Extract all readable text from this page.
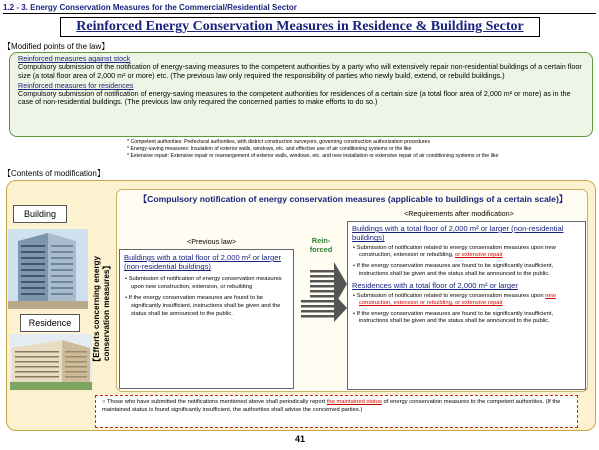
1.2 - 3. Energy Conservation Measures for the Commercial/Residential Sector
Reinforced Energy Conservation Measures in Residence & Building Sector
【Modified points of the law】
Reinforced measures against stock
Compulsory submission of the notification of energy-saving measures to the competent authorities by a party who will extensively repair non-residential buildings of a certain floor size (a total floor area of 2,000 m² or more) etc. (The previous law only required the responsibility of parties who newly build, extend, or rebuild buildings.)
Reinforced measures for residences
Compulsory submission of notification of energy-saving measures to the competent authorities for residences of a certain size (a total floor area of 2,000 m² or more) as in the case of non-residential buildings. (The previous law only required the concerned parties to make efforts to do so.)
* Competent authorities: Prefectural authorities, with district construction surveyors, governing construction authorization procedures
* Energy-saving measures: Insulation of exterior walls, windows, etc. and effective use of air conditioning systems or the like
* Extensive repair: Extensive repair or rearrangement of exterior walls, windows, etc. and new installation or extensive repair of air conditioning systems or the like
【Contents of modification】
Building
Residence	【Efforts concerning energy conservation measures】
【Compulsory notification of energy conservation measures (applicable to buildings of a certain scale)】
<Requirements after modification>
<Previous law>
Buildings with a total floor of 2,000 m² or larger (non-residential buildings)
• Submission of notification of energy conservation measures upon new construction, extension, or rebuilding
• If the energy conservation measures are found to be significantly insufficient, instructions shall be given and the status shall be announced to the public.
Rein-forced
Buildings with a total floor of 2,000 m² or larger (non-residential buildings)
• Submission of notification related to energy conservation measures upon new construction, extension or rebuilding, or extensive repair
• If the energy conservation measures are found to be significantly insufficient, instructions shall be given and the status shall be announced to the public.
Residences with a total floor of 2,000 m² or larger
• Submission of notification related to energy conservation measures upon new construction, extension or rebuilding, or extensive repair
• If the energy conservation measures are found to be significantly insufficient, instructions shall be given and the status shall be announced to the public.
○ Those who have submitted the notifications mentioned above shall periodically report the maintained status of energy conservation measures to the competent authorities. (If the maintained status is found significantly insufficient, the authorities shall advise the concerned parties.)
41
